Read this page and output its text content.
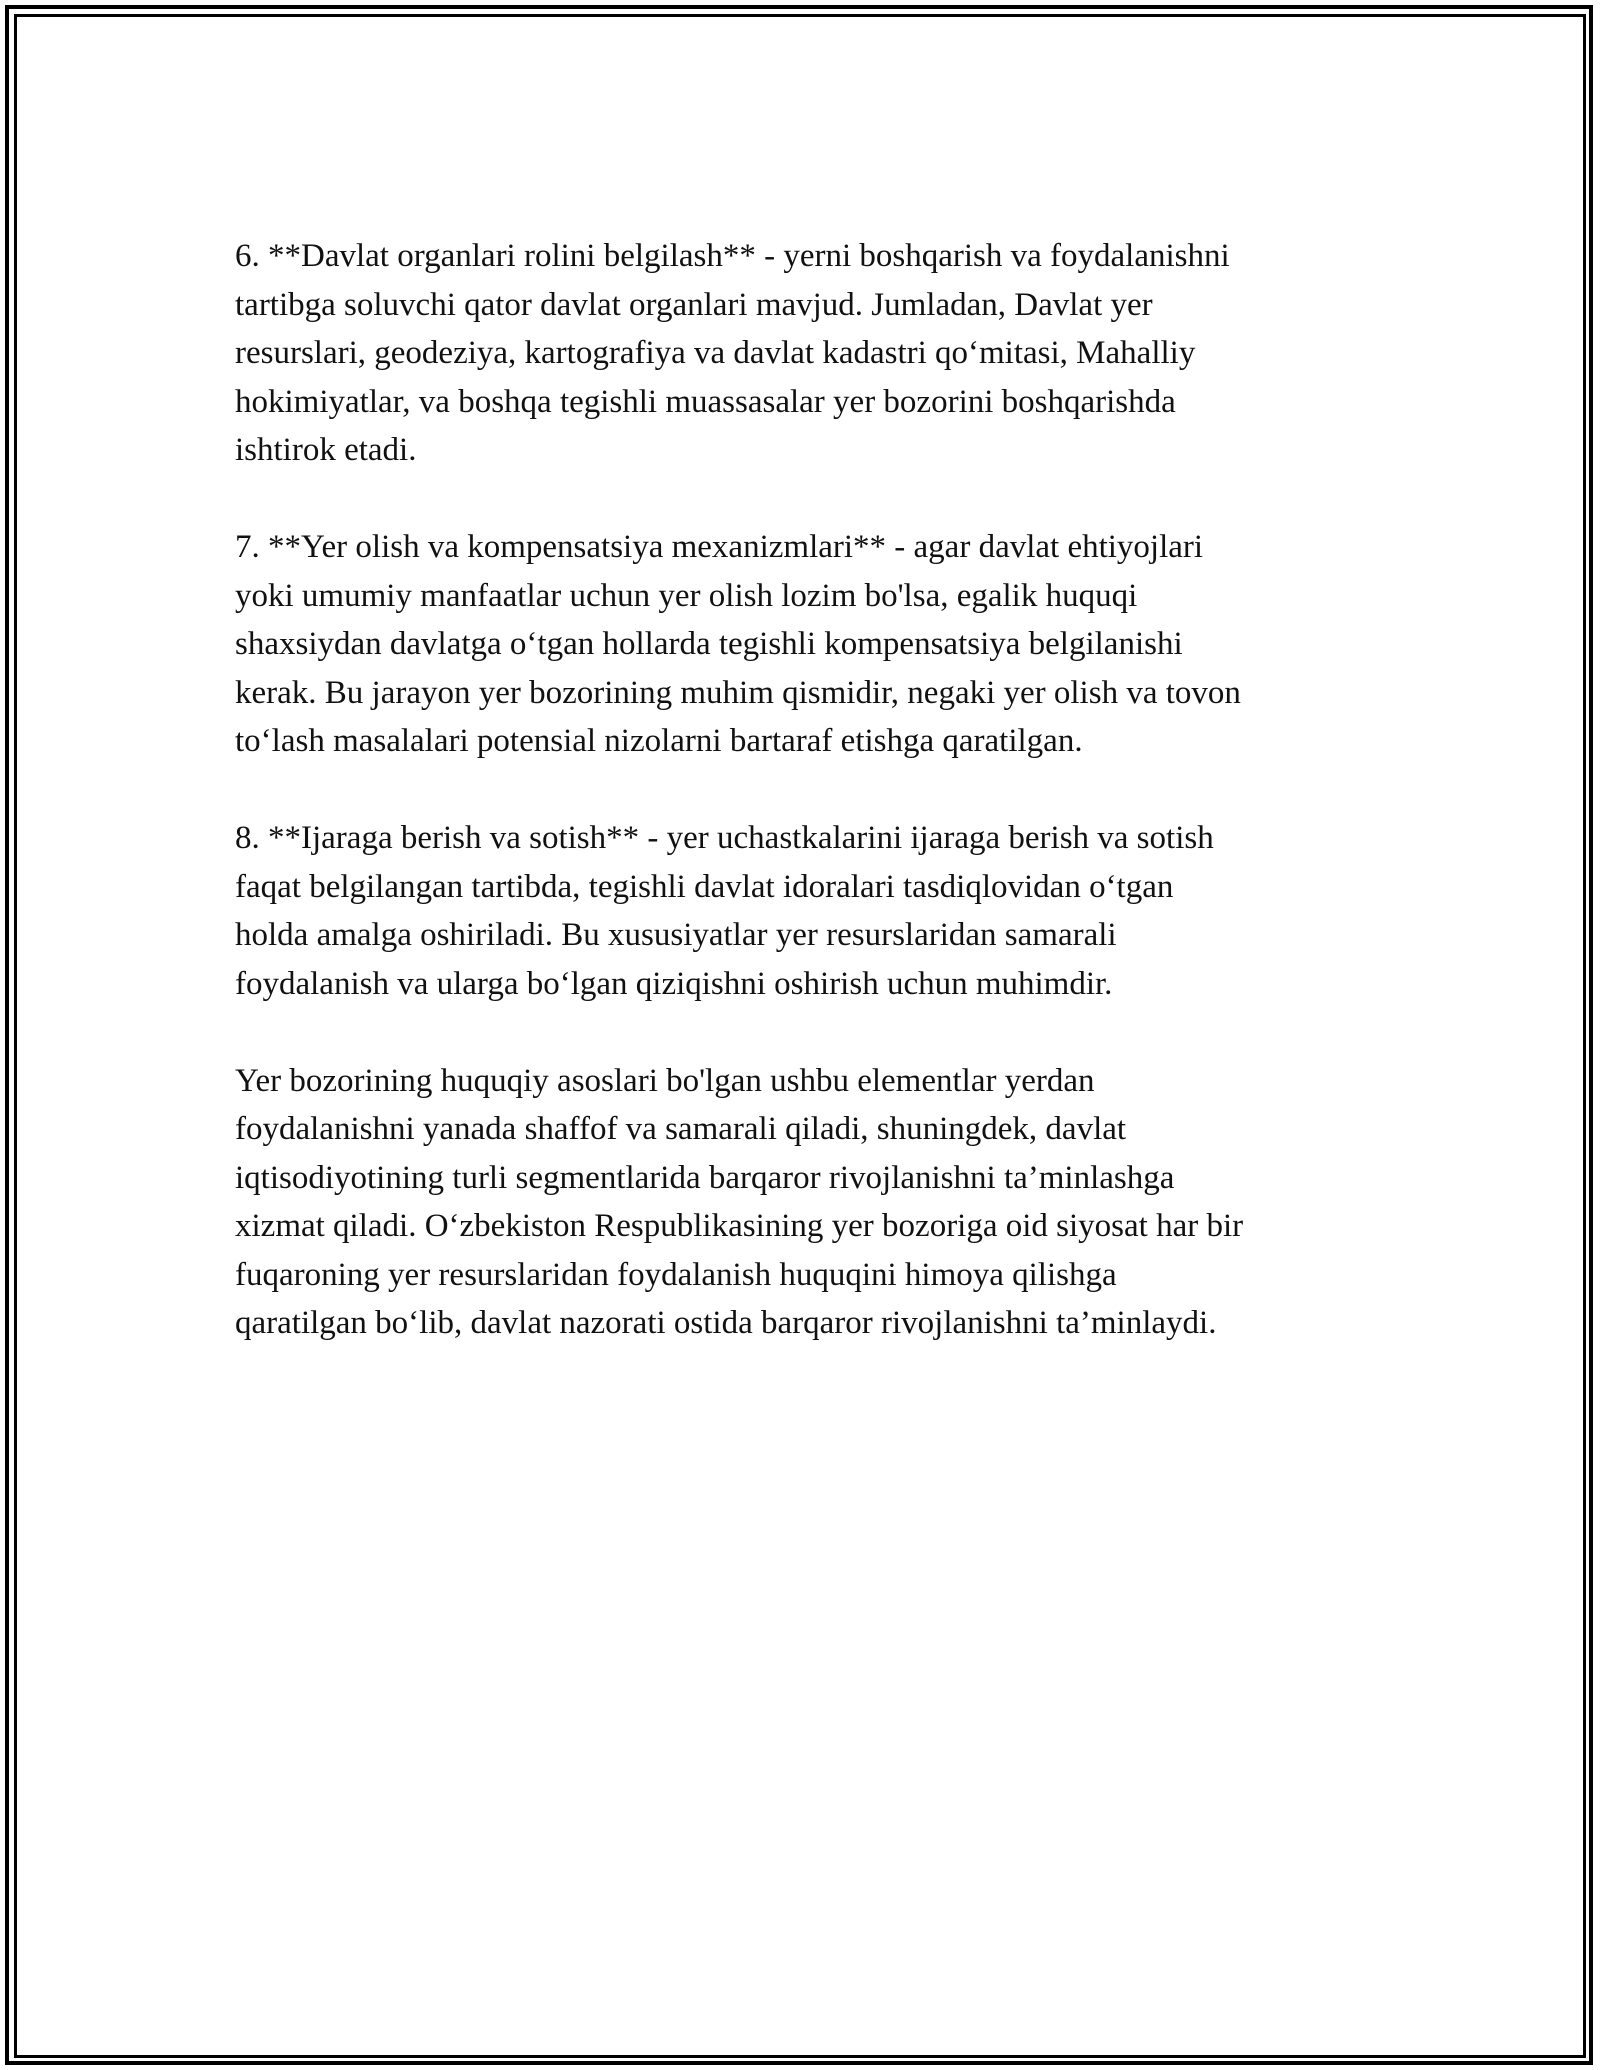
6. **Davlat organlari rolini belgilash** - yerni boshqarish va foydalanishni
tartibga soluvchi qator davlat organlari mavjud. Jumladan, Davlat yer
resurslari, geodeziya, kartografiya va davlat kadastri qo‘mitasi, Mahalliy
hokimiyatlar, va boshqa tegishli muassasalar yer bozorini boshqarishda
ishtirok etadi.

7. **Yer olish va kompensatsiya mexanizmlari** - agar davlat ehtiyojlari
yoki umumiy manfaatlar uchun yer olish lozim bo'lsa, egalik huquqi
shaxsiydan davlatga o‘tgan hollarda tegishli kompensatsiya belgilanishi
kerak. Bu jarayon yer bozorining muhim qismidir, negaki yer olish va tovon
to‘lash masalalari potensial nizolarni bartaraf etishga qaratilgan.

8. **Ijaraga berish va sotish** - yer uchastkalarini ijaraga berish va sotish
faqat belgilangan tartibda, tegishli davlat idoralari tasdiqlovidan o‘tgan
holda amalga oshiriladi. Bu xususiyatlar yer resurslaridan samarali
foydalanish va ularga bo‘lgan qiziqishni oshirish uchun muhimdir.

Yer bozorining huquqiy asoslari bo'lgan ushbu elementlar yerdan
foydalanishni yanada shaffof va samarali qiladi, shuningdek, davlat
iqtisodiyotining turli segmentlarida barqaror rivojlanishni ta’minlashga
xizmat qiladi. O‘zbekiston Respublikasining yer bozoriga oid siyosat har bir
fuqaroning yer resurslaridan foydalanish huquqini himoya qilishga
qaratilgan bo‘lib, davlat nazorati ostida barqaror rivojlanishni ta’minlaydi.
